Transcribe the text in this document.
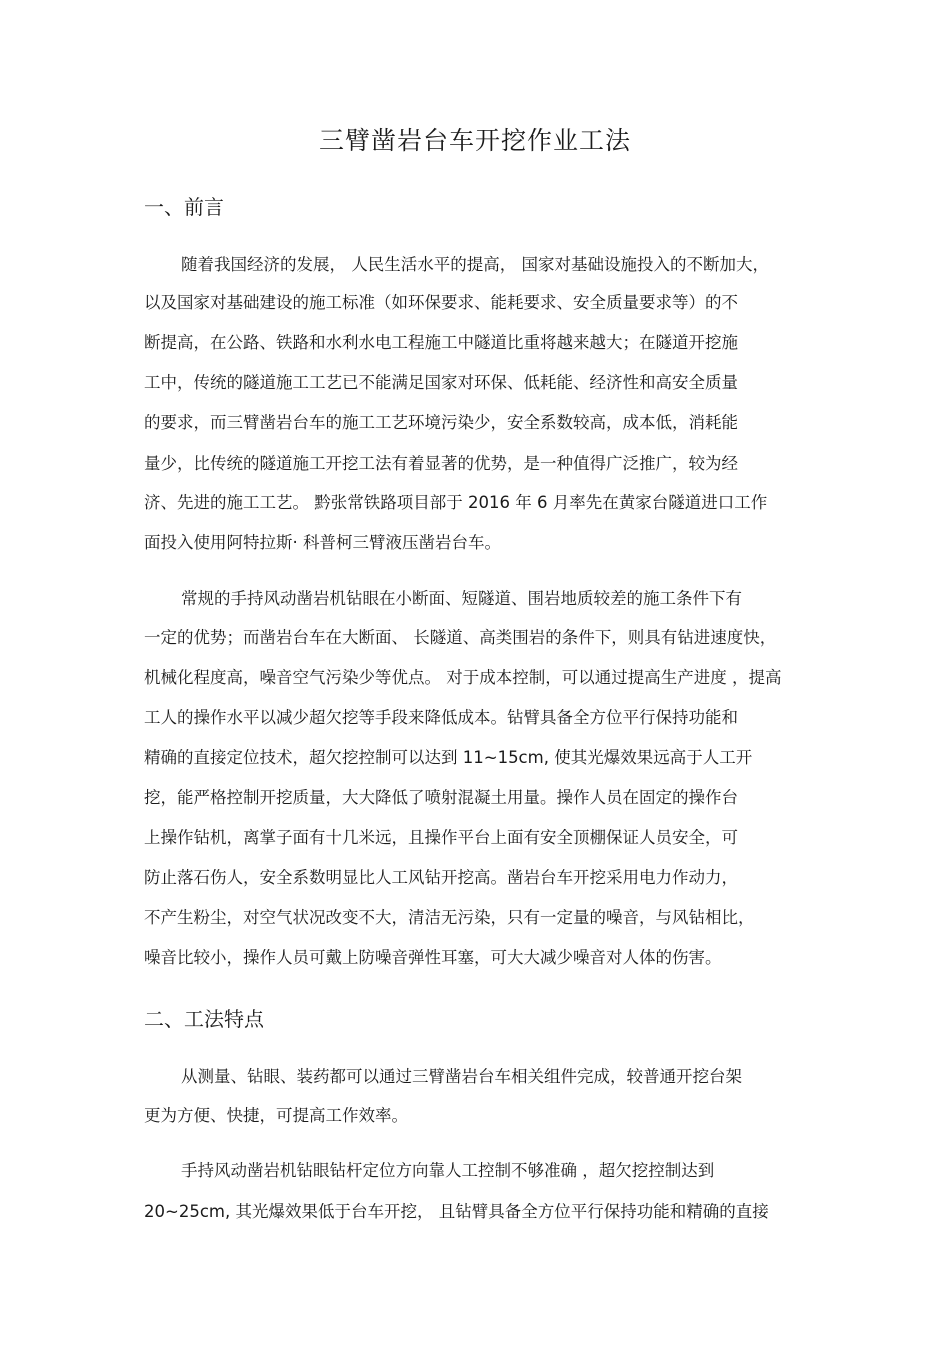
三臂凿岩台车开挖作业工法
一、前言
随着我国经济的发展， 人民生活水平的提高， 国家对基础设施投入的不断加大，
以及国家对基础建设的施工标准（如环保要求、能耗要求、安全质量要求等）的不
断提高，在公路、铁路和水利水电工程施工中隧道比重将越来越大；在隧道开挖施
工中，传统的隧道施工工艺已不能满足国家对环保、低耗能、经济性和高安全质量
的要求，而三臂凿岩台车的施工工艺环境污染少，安全系数较高，成本低，消耗能
量少，比传统的隧道施工开挖工法有着显著的优势，是一种值得广泛推广，较为经
济、先进的施工工艺。 黔张常铁路项目部于 2016 年 6 月率先在黄家台隧道进口工作
面投入使用阿特拉斯· 科普柯三臂液压凿岩台车。
常规的手持风动凿岩机钻眼在小断面、短隧道、围岩地质较差的施工条件下有
一定的优势；而凿岩台车在大断面、 长隧道、高类围岩的条件下，则具有钻进速度快，
机械化程度高，噪音空气污染少等优点。 对于成本控制，可以通过提高生产进度 ，提高
工人的操作水平以减少超欠挖等手段来降低成本。钻臂具备全方位平行保持功能和
精确的直接定位技术，超欠挖控制可以达到 11~15cm, 使其光爆效果远高于人工开
挖，能严格控制开挖质量，大大降低了喷射混凝土用量。操作人员在固定的操作台
上操作钻机，离掌子面有十几米远，且操作平台上面有安全顶棚保证人员安全，可
防止落石伤人，安全系数明显比人工风钻开挖高。凿岩台车开挖采用电力作动力，
不产生粉尘，对空气状况改变不大，清洁无污染，只有一定量的噪音，与风钻相比，
噪音比较小，操作人员可戴上防噪音弹性耳塞，可大大减少噪音对人体的伤害。
二、工法特点
从测量、钻眼、装药都可以通过三臂凿岩台车相关组件完成，较普通开挖台架
更为方便、快捷，可提高工作效率。
手持风动凿岩机钻眼钻杆定位方向靠人工控制不够准确 ，超欠挖控制达到
20~25cm, 其光爆效果低于台车开挖， 且钻臂具备全方位平行保持功能和精确的直接
